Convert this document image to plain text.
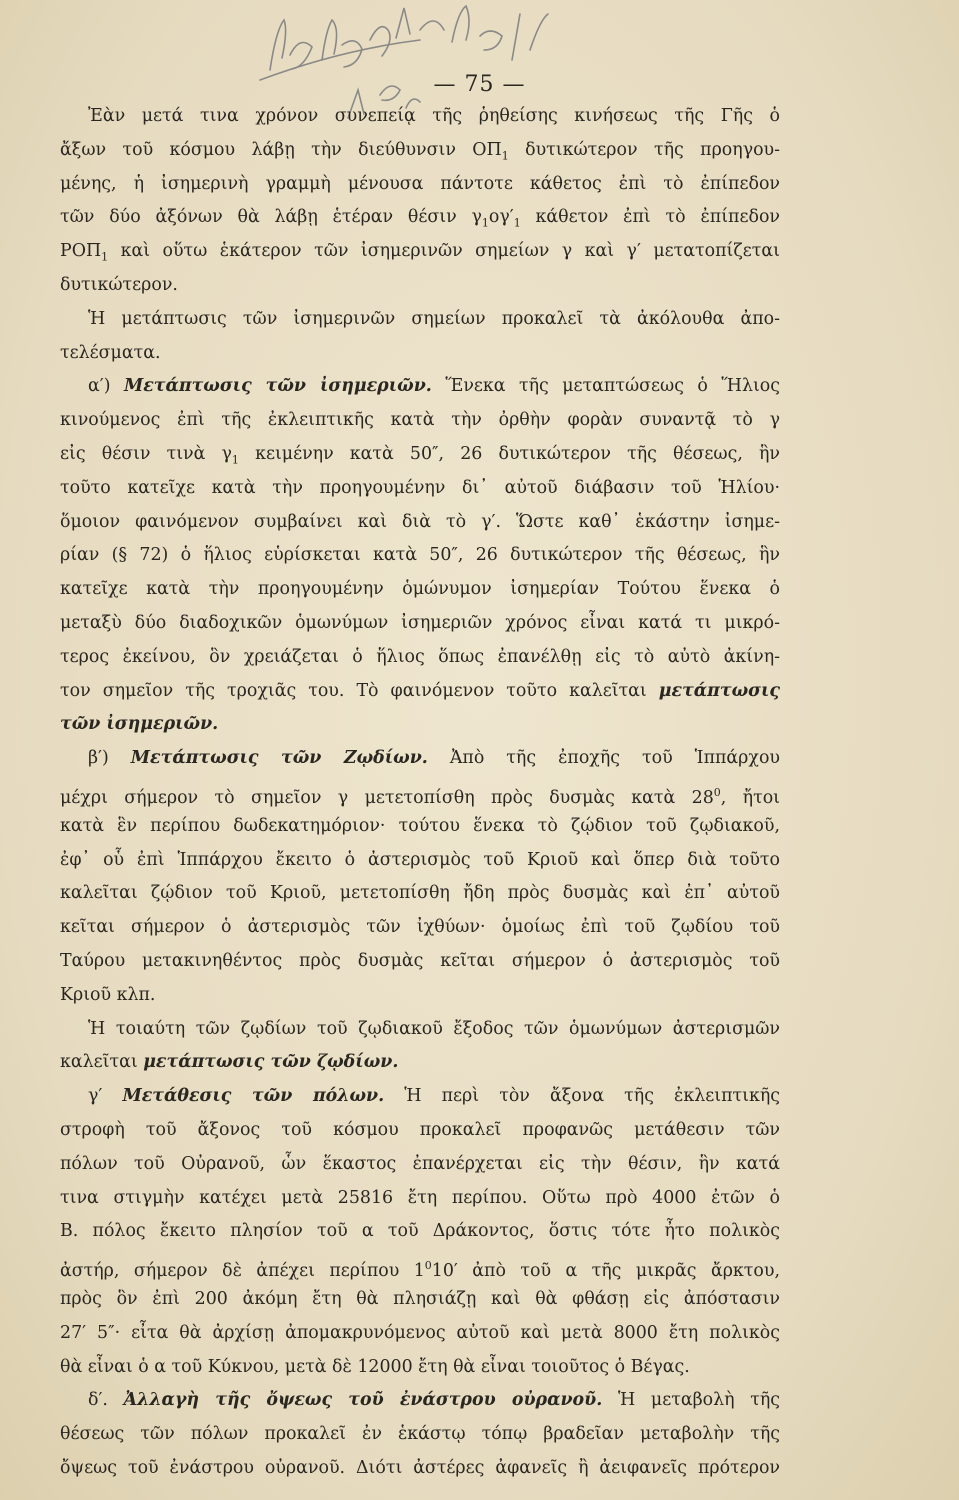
— 75 —
Ἐὰν μετά τινα χρόνον συνεπείᾳ τῆς ῥηθείσης κινήσεως τῆς Γῆς ὁ
ἄξων τοῦ κόσμου λάβῃ τὴν διεύθυνσιν $O\Pi_1$ δυτικώτερον τῆς προηγου-
μένης, ἡ ἰσημερινὴ γραμμὴ μένουσα πάντοτε κάθετος ἐπὶ τὸ ἐπίπεδον
τῶν δύο ἀξόνων θὰ λάβῃ ἑτέραν θέσιν $\gamma_1o\gamma'_1$ κάθετον ἐπὶ τὸ ἐπίπεδον
$PO\Pi_1$ καὶ οὕτω ἑκάτερον τῶν ἰσημερινῶν σημείων γ καὶ γ′ μετατοπίζεται
δυτικώτερον.
Ἡ μετάπτωσις τῶν ἰσημερινῶν σημείων προκαλεῖ τὰ ἀκόλουθα ἀπο-
τελέσματα.
α′) Μετάπτωσις τῶν ἰσημεριῶν. Ἕνεκα τῆς μεταπτώσεως ὁ Ἥλιος
κινούμενος ἐπὶ τῆς ἐκλειπτικῆς κατὰ τὴν ὀρθὴν φορὰν συναντᾷ τὸ γ
εἰς θέσιν τινὰ $\gamma_1$ κειμένην κατὰ 50″, 26 δυτικώτερον τῆς θέσεως, ἣν
τοῦτο κατεῖχε κατὰ τὴν προηγουμένην δι᾽ αὐτοῦ διάβασιν τοῦ Ἡλίου·
ὅμοιον φαινόμενον συμβαίνει καὶ διὰ τὸ γ′. Ὥστε καθ᾽ ἑκάστην ἰσημε-
ρίαν (§ 72) ὁ ἥλιος εὑρίσκεται κατὰ 50″, 26 δυτικώτερον τῆς θέσεως, ἣν
κατεῖχε κατὰ τὴν προηγουμένην ὁμώνυμον ἰσημερίαν Τούτου ἕνεκα ὁ
μεταξὺ δύο διαδοχικῶν ὁμωνύμων ἰσημεριῶν χρόνος εἶναι κατά τι μικρό-
τερος ἐκείνου, ὃν χρειάζεται ὁ ἥλιος ὅπως ἐπανέλθῃ εἰς τὸ αὐτὸ ἀκίνη-
τον σημεῖον τῆς τροχιᾶς του. Τὸ φαινόμενον τοῦτο καλεῖται μετάπτωσις
τῶν ἰσημεριῶν.
β′) Μετάπτωσις τῶν Ζῳδίων. Ἀπὸ τῆς ἐποχῆς τοῦ Ἱππάρχου
μέχρι σήμερον τὸ σημεῖον γ μετετοπίσθη πρὸς δυσμὰς κατὰ $28^0$, ἤτοι
κατὰ ἓν περίπου δωδεκατημόριον· τούτου ἕνεκα τὸ ζῴδιον τοῦ ζῳδιακοῦ,
ἐφ᾽ οὗ ἐπὶ Ἱππάρχου ἔκειτο ὁ ἀστερισμὸς τοῦ Κριοῦ καὶ ὅπερ διὰ τοῦτο
καλεῖται ζῴδιον τοῦ Κριοῦ, μετετοπίσθη ἤδη πρὸς δυσμὰς καὶ ἐπ᾽ αὐτοῦ
κεῖται σήμερον ὁ ἀστερισμὸς τῶν ἰχθύων· ὁμοίως ἐπὶ τοῦ ζῳδίου τοῦ
Ταύρου μετακινηθέντος πρὸς δυσμὰς κεῖται σήμερον ὁ ἀστερισμὸς τοῦ
Κριοῦ κλπ.
Ἡ τοιαύτη τῶν ζῳδίων τοῦ ζῳδιακοῦ ἔξοδος τῶν ὁμωνύμων ἀστερισμῶν
καλεῖται μετάπτωσις τῶν ζῳδίων.
γ′ Μετάθεσις τῶν πόλων. Ἡ περὶ τὸν ἄξονα τῆς ἐκλειπτικῆς
στροφὴ τοῦ ἄξονος τοῦ κόσμου προκαλεῖ προφανῶς μετάθεσιν τῶν
πόλων τοῦ Οὐρανοῦ, ὧν ἕκαστος ἐπανέρχεται εἰς τὴν θέσιν, ἣν κατά
τινα στιγμὴν κατέχει μετὰ 25816 ἔτη περίπου. Οὕτω πρὸ 4000 ἐτῶν ὁ
Β. πόλος ἔκειτο πλησίον τοῦ α τοῦ Δράκοντος, ὅστις τότε ἦτο πολικὸς
ἀστήρ, σήμερον δὲ ἀπέχει περίπου $1^010'$ ἀπὸ τοῦ α τῆς μικρᾶς ἄρκτου,
πρὸς ὃν ἐπὶ 200 ἀκόμη ἔτη θὰ πλησιάζῃ καὶ θὰ φθάσῃ εἰς ἀπόστασιν
27′ 5″· εἶτα θὰ ἀρχίσῃ ἀπομακρυνόμενος αὐτοῦ καὶ μετὰ 8000 ἔτη πολικὸς
θὰ εἶναι ὁ α τοῦ Κύκνου, μετὰ δὲ 12000 ἔτη θὰ εἶναι τοιοῦτος ὁ Βέγας.
δ′. Ἀλλαγὴ τῆς ὄψεως τοῦ ἐνάστρου οὐρανοῦ. Ἡ μεταβολὴ τῆς
θέσεως τῶν πόλων προκαλεῖ ἐν ἑκάστῳ τόπῳ βραδεῖαν μεταβολὴν τῆς
ὄψεως τοῦ ἐνάστρου οὐρανοῦ. Διότι ἀστέρες ἀφανεῖς ἢ ἀειφανεῖς πρότερον
